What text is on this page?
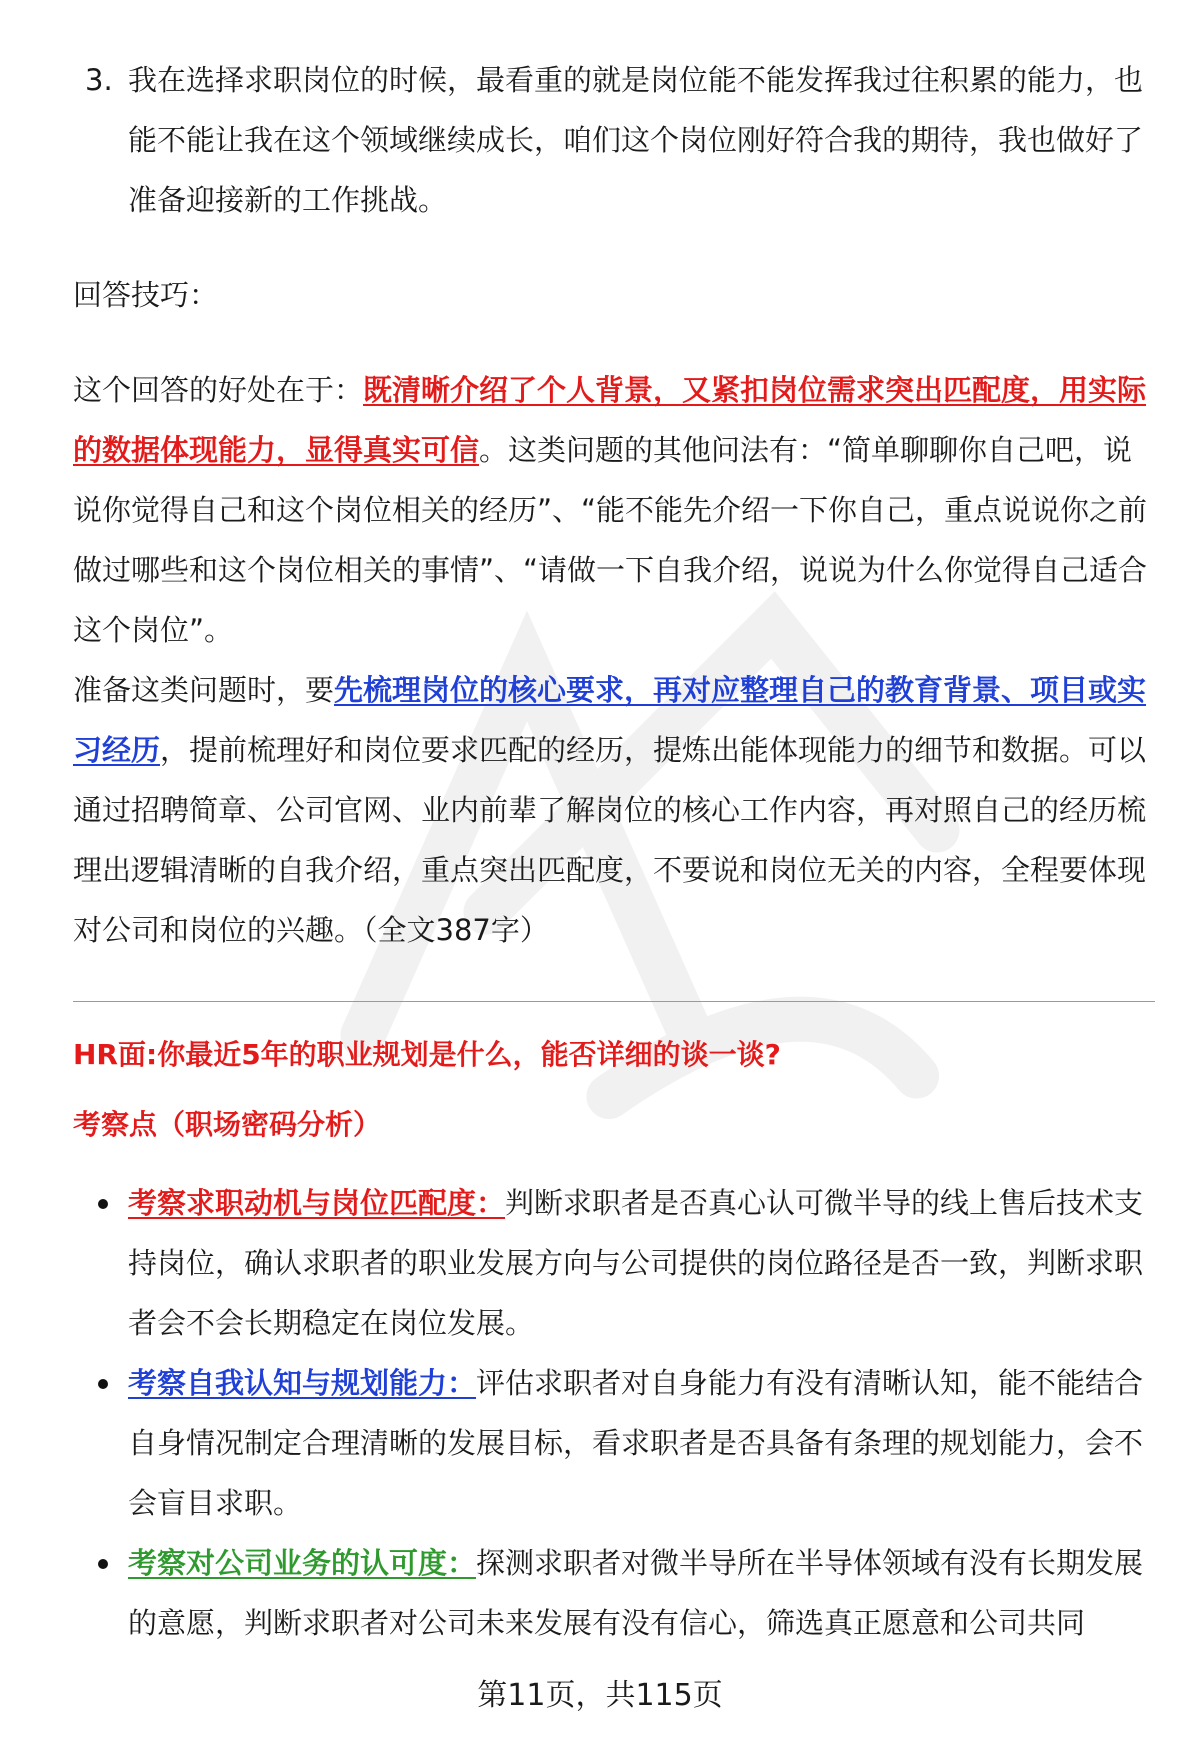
3. 我在选择求职岗位的时候，最看重的就是岗位能不能发挥我过往积累的能力，也能不能让我在这个领域继续成长，咱们这个岗位刚好符合我的期待，我也做好了准备迎接新的工作挑战。

回答技巧：

这个回答的好处在于：既清晰介绍了个人背景，又紧扣岗位需求突出匹配度，用实际的数据体现能力，显得真实可信。这类问题的其他问法有：“简单聊聊你自己吧，说说你觉得自己和这个岗位相关的经历”、“能不能先介绍一下你自己，重点说说你之前做过哪些和这个岗位相关的事情”、“请做一下自我介绍，说说为什么你觉得自己适合这个岗位”。

准备这类问题时，要先梳理岗位的核心要求，再对应整理自己的教育背景、项目或实习经历，提前梳理好和岗位要求匹配的经历，提炼出能体现能力的细节和数据。可以通过招聘简章、公司官网、业内前辈了解岗位的核心工作内容，再对照自己的经历梳理出逻辑清晰的自我介绍，重点突出匹配度，不要说和岗位无关的内容，全程要体现对公司和岗位的兴趣。（全文387字）

HR面:你最近5年的职业规划是什么，能否详细的谈一谈?

考察点（职场密码分析）

考察求职动机与岗位匹配度：判断求职者是否真心认可微半导的线上售后技术支持岗位，确认求职者的职业发展方向与公司提供的岗位路径是否一致，判断求职者会不会长期稳定在岗位发展。
考察自我认知与规划能力：评估求职者对自身能力有没有清晰认知，能不能结合自身情况制定合理清晰的发展目标，看求职者是否具备有条理的规划能力，会不会盲目求职。
考察对公司业务的认可度：探测求职者对微半导所在半导体领域有没有长期发展的意愿，判断求职者对公司未来发展有没有信心，筛选真正愿意和公司共同
第11页，共115页
